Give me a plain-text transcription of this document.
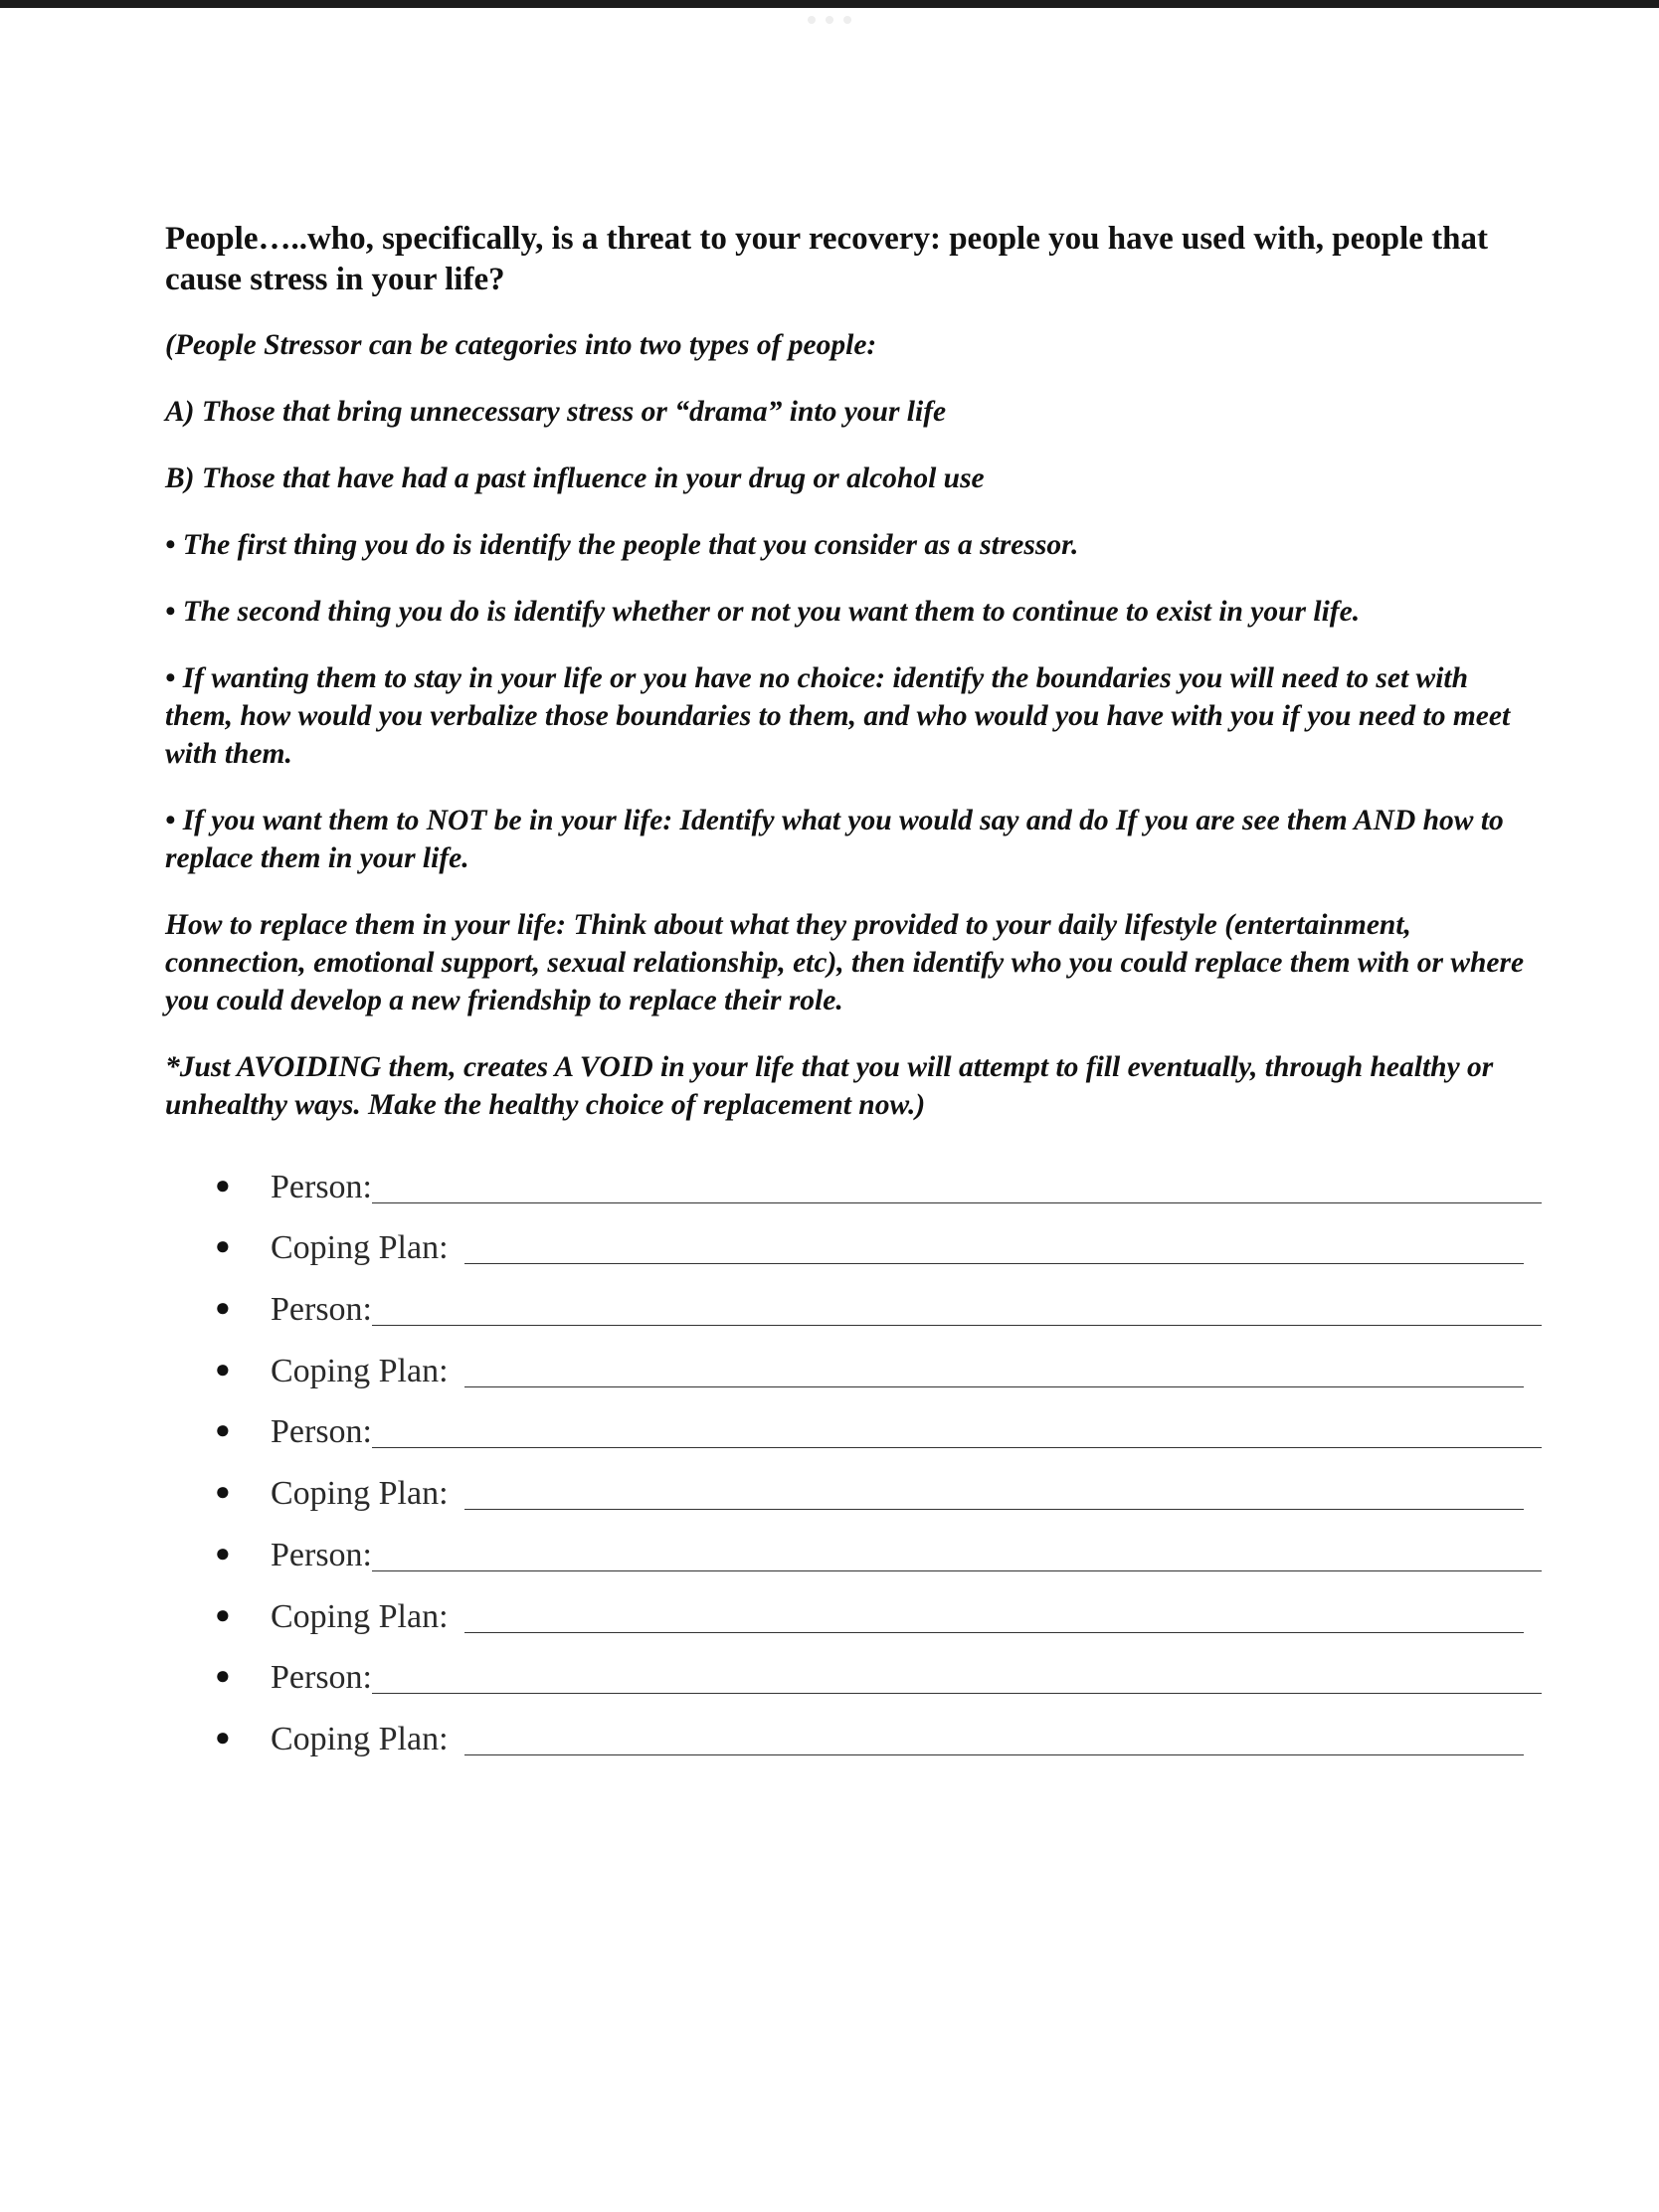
People…..who, specifically, is a threat to your recovery: people you have used with, people that cause stress in your life?

(People Stressor can be categories into two types of people:

A) Those that bring unnecessary stress or “drama” into your life

B) Those that have had a past influence in your drug or alcohol use

• The first thing you do is identify the people that you consider as a stressor.

• The second thing you do is identify whether or not you want them to continue to exist in your life.

• If wanting them to stay in your life or you have no choice: identify the boundaries you will need to set with them, how would you verbalize those boundaries to them, and who would you have with you if you need to meet with them.

• If you want them to NOT be in your life: Identify what you would say and do If you are see them AND how to replace them in your life.

How to replace them in your life: Think about what they provided to your daily lifestyle (entertainment, connection, emotional support, sexual relationship, etc), then identify who you could replace them with or where you could develop a new friendship to replace their role.

*Just AVOIDING them, creates A VOID in your life that you will attempt to fill eventually, through healthy or unhealthy ways. Make the healthy choice of replacement now.)

●	Person:
●	Coping Plan:
●	Person:
●	Coping Plan:
●	Person:
●	Coping Plan:
●	Person:
●	Coping Plan:
●	Person:
●	Coping Plan:
